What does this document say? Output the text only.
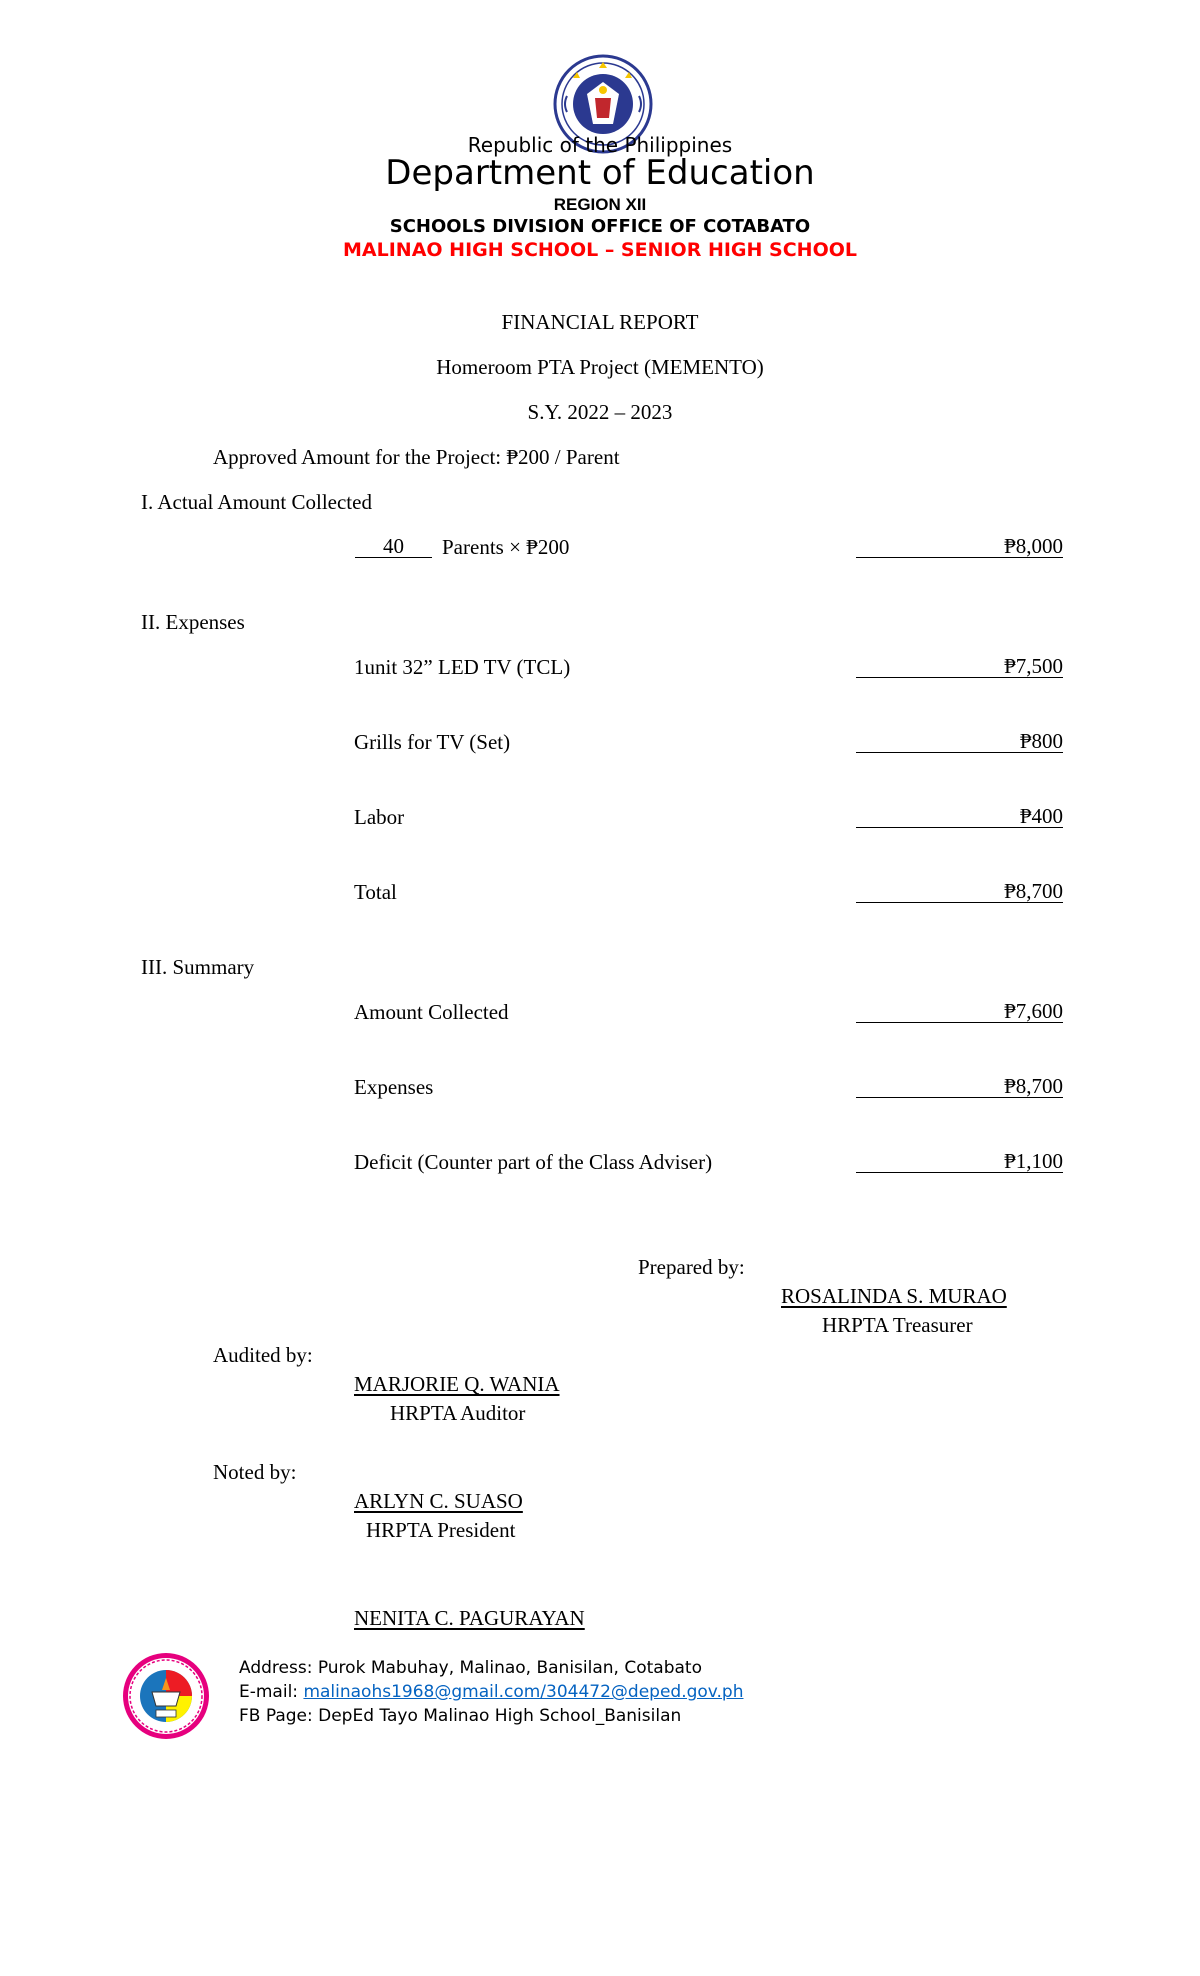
Republic of the Philippines
Department of Education
REGION XII
SCHOOLS DIVISION OFFICE OF COTABATO
MALINAO HIGH SCHOOL – SENIOR HIGH SCHOOL
FINANCIAL REPORT
Homeroom PTA Project (MEMENTO)
S.Y. 2022 – 2023
Approved Amount for the Project: ₱200 / Parent
I. Actual Amount Collected
40	Parents × ₱200	₱8,000
II. Expenses
1unit 32” LED TV (TCL)	₱7,500
Grills for TV (Set)	₱800
Labor	₱400
Total	₱8,700
III. Summary
Amount Collected	₱7,600
Expenses	₱8,700
Deficit (Counter part of the Class Adviser)	₱1,100
Prepared by:
ROSALINDA S. MURAO
HRPTA Treasurer
Audited by:
MARJORIE Q. WANIA
HRPTA Auditor
Noted by:
ARLYN C. SUASO
HRPTA President
NENITA C. PAGURAYAN
Address: Purok Mabuhay, Malinao, Banisilan, Cotabato
E-mail: malinaohs1968@gmail.com/304472@deped.gov.ph
FB Page: DepEd Tayo Malinao High School_Banisilan
